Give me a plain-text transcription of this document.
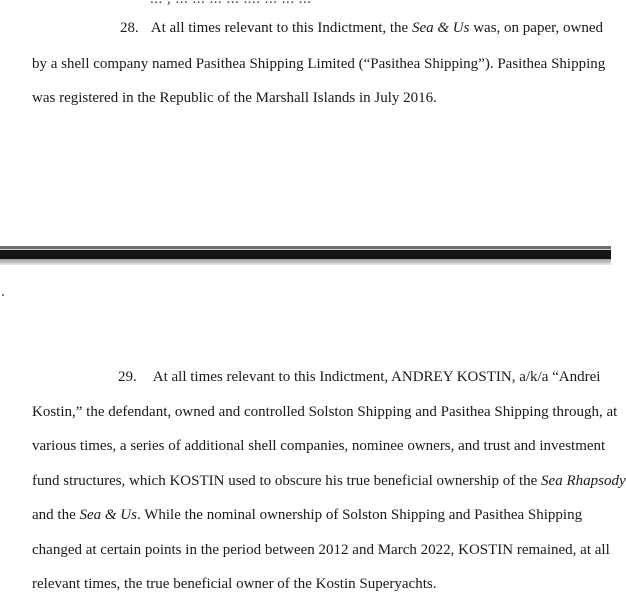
28. At all times relevant to this Indictment, the Sea & Us was, on paper, owned
by a shell company named Pasithea Shipping Limited (“Pasithea Shipping”). Pasithea Shipping
was registered in the Republic of the Marshall Islands in July 2016.
29. At all times relevant to this Indictment, ANDREY KOSTIN, a/k/a “Andrei
Kostin,” the defendant, owned and controlled Solston Shipping and Pasithea Shipping through, at
various times, a series of additional shell companies, nominee owners, and trust and investment
fund structures, which KOSTIN used to obscure his true beneficial ownership of the Sea Rhapsody
and the Sea & Us. While the nominal ownership of Solston Shipping and Pasithea Shipping
changed at certain points in the period between 2012 and March 2022, KOSTIN remained, at all
relevant times, the true beneficial owner of the Kostin Superyachts.
